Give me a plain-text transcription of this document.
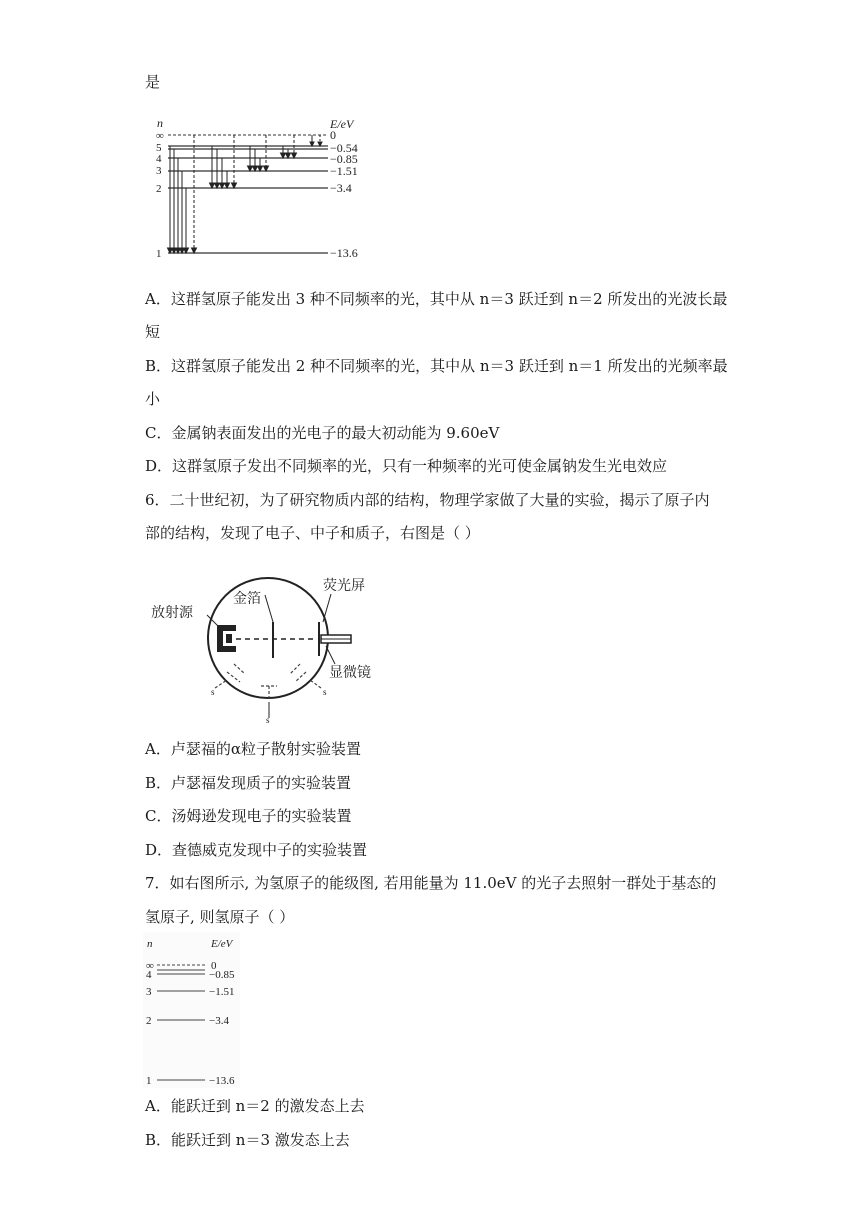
是
n	E/eV
∞
5
4
3
2
1
0
−0.54
−0.85
−1.51
−3.4
−13.6
A．这群氢原子能发出 3 种不同频率的光，其中从 n＝3 跃迁到 n＝2 所发出的光波长最
短
B．这群氢原子能发出 2 种不同频率的光，其中从 n＝3 跃迁到 n＝1 所发出的光频率最
小
C．金属钠表面发出的光电子的最大初动能为 9.60eV
D．这群氢原子发出不同频率的光，只有一种频率的光可使金属钠发生光电效应
6．二十世纪初，为了研究物质内部的结构，物理学家做了大量的实验，揭示了原子内
部的结构，发现了电子、中子和质子，右图是（ ）
s
s	s
放射源
金箔
荧光屏
显微镜
A．卢瑟福的α粒子散射实验装置
B．卢瑟福发现质子的实验装置
C．汤姆逊发现电子的实验装置
D．查德威克发现中子的实验装置
7．如右图所示, 为氢原子的能级图, 若用能量为 11.0eV 的光子去照射一群处于基态的
氢原子, 则氢原子（ ）
n	E/eV
∞
4
3
2
1
0
−0.85
−1.51
−3.4
−13.6
A．能跃迁到 n＝2 的激发态上去
B．能跃迁到 n＝3 激发态上去
